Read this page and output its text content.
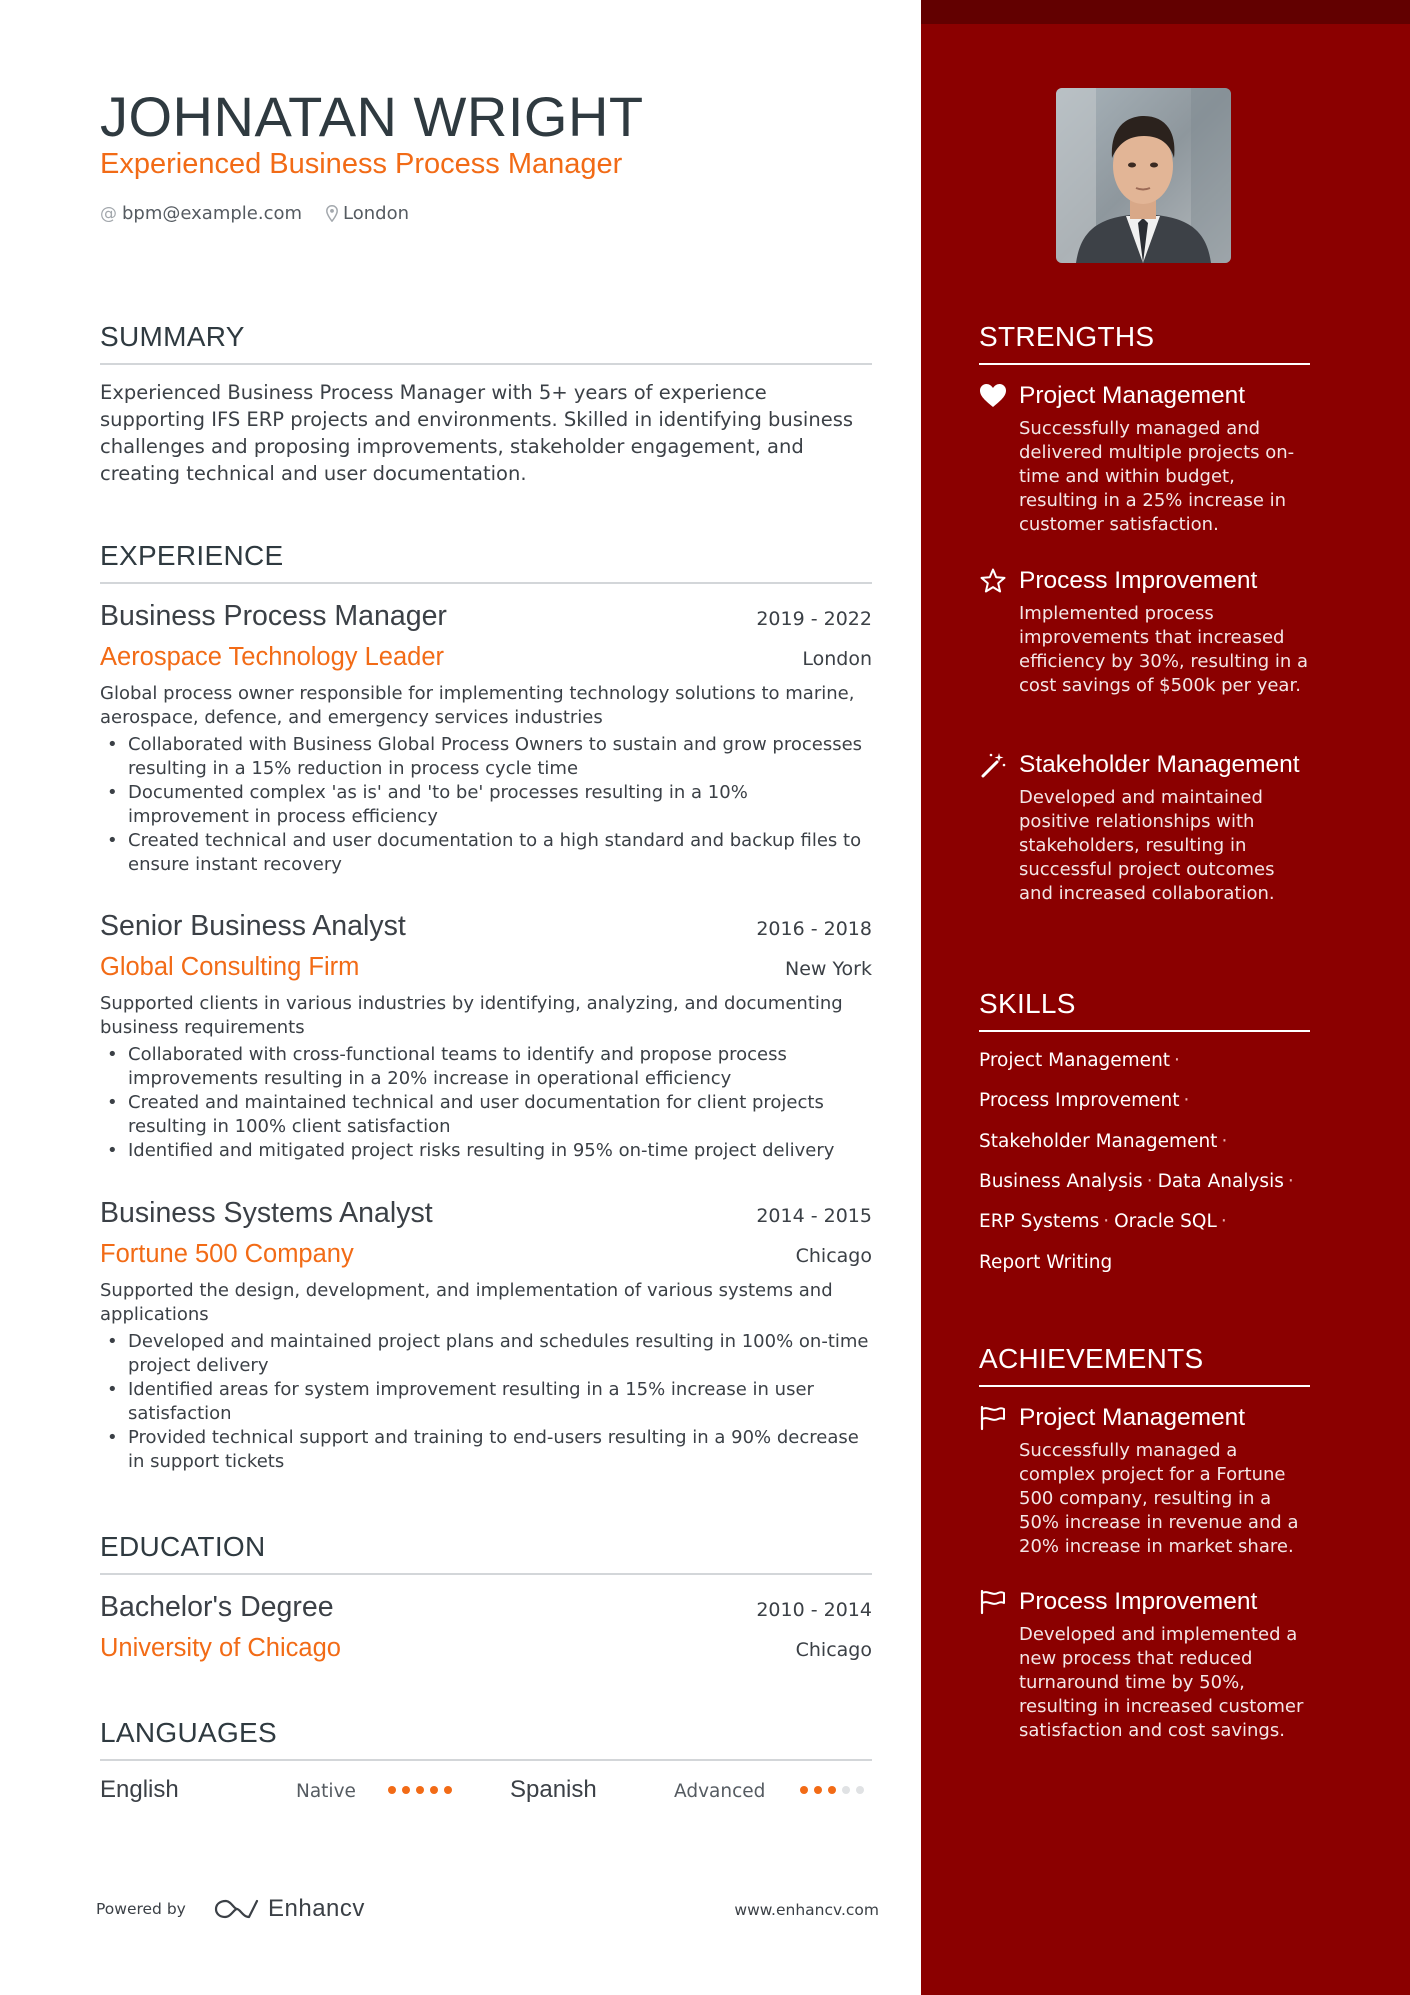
JOHNATAN WRIGHT
Experienced Business Process Manager
@ bpm@example.com London
SUMMARY
Experienced Business Process Manager with 5+ years of experience supporting IFS ERP projects and environments. Skilled in identifying business challenges and proposing improvements, stakeholder engagement, and creating technical and user documentation.
EXPERIENCE
Business Process Manager	2019 - 2022
Aerospace Technology Leader	London
Global process owner responsible for implementing technology solutions to marine, aerospace, defence, and emergency services industries
• Collaborated with Business Global Process Owners to sustain and grow processes resulting in a 15% reduction in process cycle time
• Documented complex 'as is' and 'to be' processes resulting in a 10% improvement in process efficiency
• Created technical and user documentation to a high standard and backup files to ensure instant recovery
Senior Business Analyst	2016 - 2018
Global Consulting Firm	New York
Supported clients in various industries by identifying, analyzing, and documenting business requirements
• Collaborated with cross-functional teams to identify and propose process improvements resulting in a 20% increase in operational efficiency
• Created and maintained technical and user documentation for client projects resulting in 100% client satisfaction
• Identified and mitigated project risks resulting in 95% on-time project delivery
Business Systems Analyst	2014 - 2015
Fortune 500 Company	Chicago
Supported the design, development, and implementation of various systems and applications
• Developed and maintained project plans and schedules resulting in 100% on-time project delivery
• Identified areas for system improvement resulting in a 15% increase in user satisfaction
• Provided technical support and training to end-users resulting in a 90% decrease in support tickets
EDUCATION
Bachelor's Degree	2010 - 2014
University of Chicago	Chicago
LANGUAGES
English	Native	Spanish	Advanced
Powered by	Enhancv	www.enhancv.com
STRENGTHS
Project Management
Successfully managed and delivered multiple projects on-time and within budget, resulting in a 25% increase in customer satisfaction.
Process Improvement
Implemented process improvements that increased efficiency by 30%, resulting in a cost savings of $500k per year.
Stakeholder Management
Developed and maintained positive relationships with stakeholders, resulting in successful project outcomes and increased collaboration.
SKILLS
Project Management ·
Process Improvement ·
Stakeholder Management ·
Business Analysis · Data Analysis ·
ERP Systems · Oracle SQL ·
Report Writing
ACHIEVEMENTS
Project Management
Successfully managed a complex project for a Fortune 500 company, resulting in a 50% increase in revenue and a 20% increase in market share.
Process Improvement
Developed and implemented a new process that reduced turnaround time by 50%, resulting in increased customer satisfaction and cost savings.
